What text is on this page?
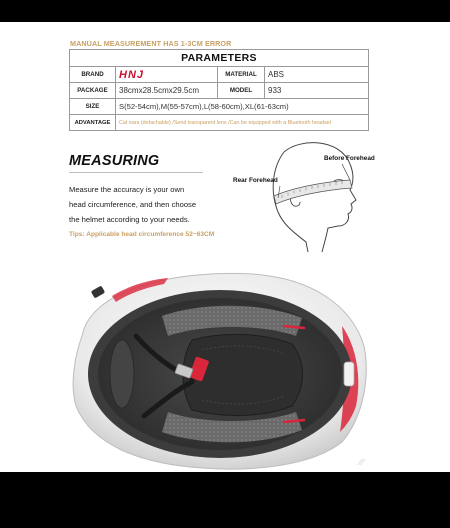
MANUAL MEASUREMENT HAS 1-3CM ERROR
PARAMETERS			
BRAND	HNJ	MATERIAL	ABS
PACKAGE	38cmx28.5cmx29.5cm	MODEL	933
SIZE	S(52-54cm),M(55-57cm),L(58-60cm),XL(61-63cm)		
ADVANTAGE	Cat ears (detachable) /Send transparent lens /Can be equipped with a Bluetooth headset		
MEASURING
Measure the accuracy is your own
head circumference, and then choose
the helmet according to your needs.
Tips: Applicable head circumference 52~63CM
Before Forehead
Rear Forehead
⁄⁄⁄⁄
